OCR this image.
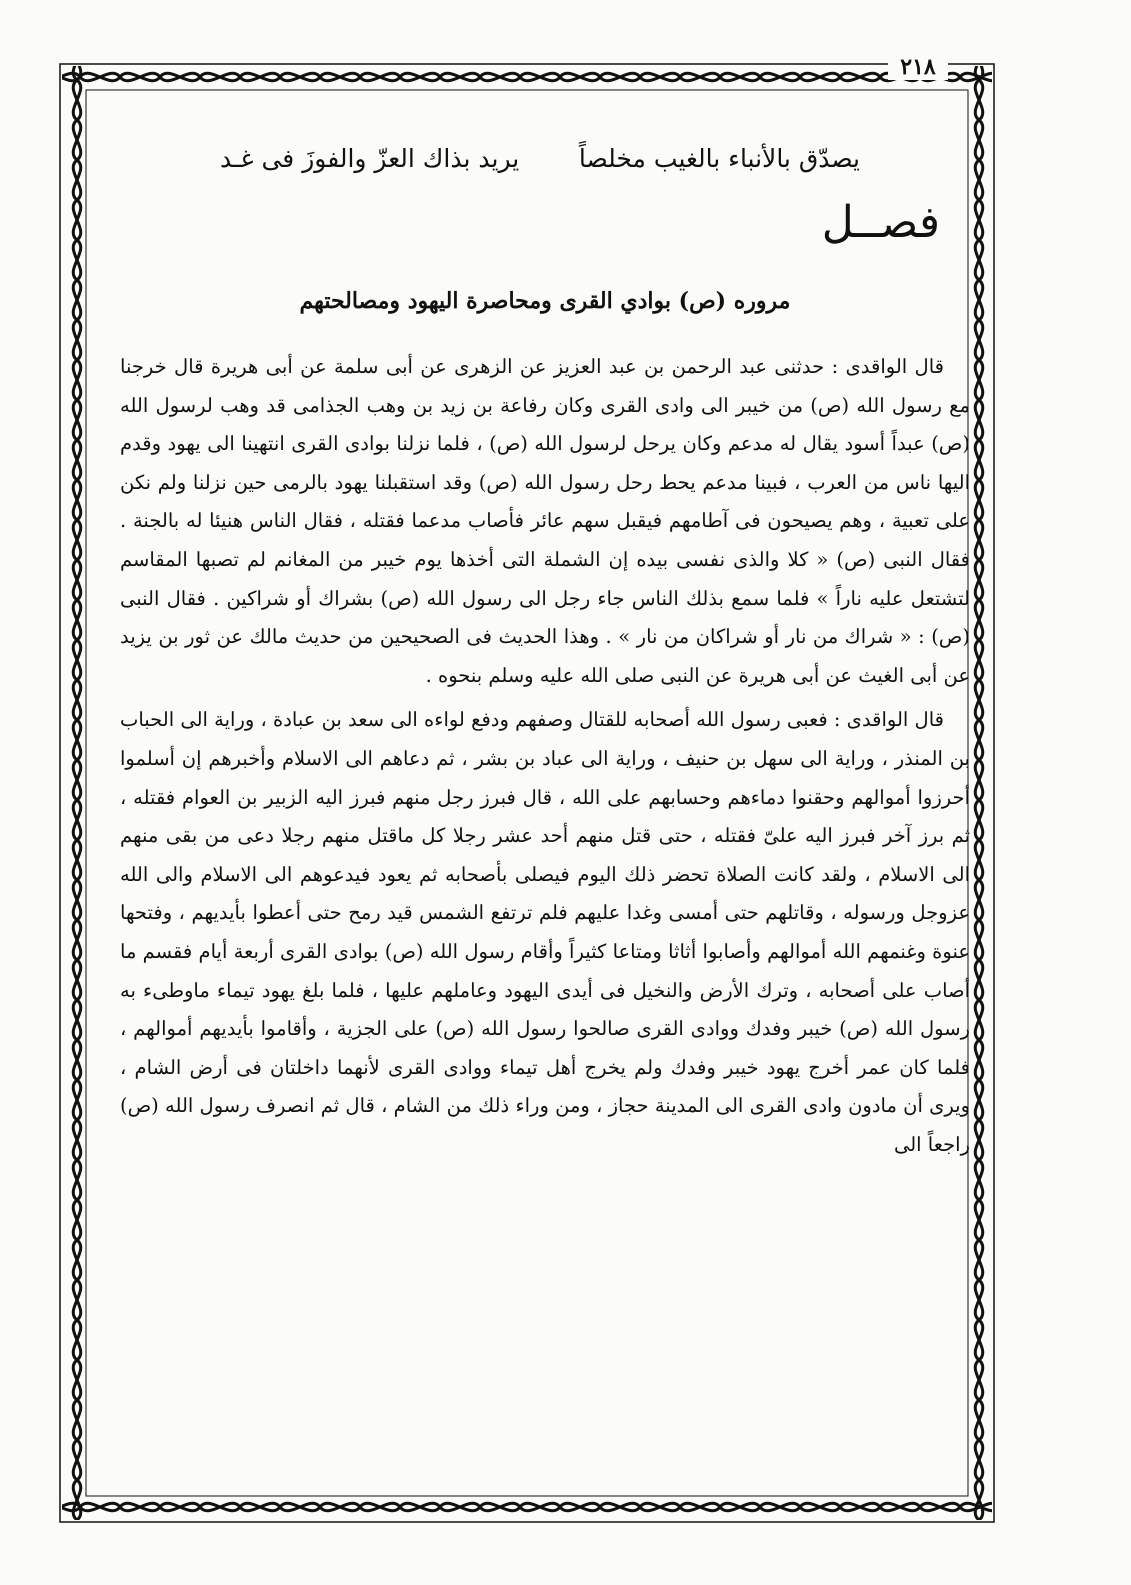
٢١٨
يصدّق بالأنباء بالغيب مخلصاً
يريد بذاك العزّ والفوزَ فى غـد
فصــل
مروره (ص) بوادي القرى ومحاصرة اليهود ومصالحتهم

قال الواقدى : حدثنى عبد الرحمن بن عبد العزيز عن الزهرى عن أبى سلمة عن أبى هريرة قال خرجنا مع رسول الله (ص) من خيبر الى وادى القرى وكان رفاعة بن زيد بن وهب الجذامى قد وهب لرسول الله (ص) عبداً أسود يقال له مدعم وكان يرحل لرسول الله (ص) ، فلما نزلنا بوادى القرى انتهينا الى يهود وقدم اليها ناس من العرب ، فبينا مدعم يحط رحل رسول الله (ص) وقد استقبلنا يهود بالرمى حين نزلنا ولم نكن على تعبية ، وهم يصيحون فى آطامهم فيقبل سهم عائر فأصاب مدعما فقتله ، فقال الناس هنيئا له بالجنة . فقال النبى (ص) « كلا والذى نفسى بيده إن الشملة التى أخذها يوم خيبر من المغانم لم تصبها المقاسم لتشتعل عليه ناراً » فلما سمع بذلك الناس جاء رجل الى رسول الله (ص) بشراك أو شراكين . فقال النبى (ص) : « شراك من نار أو شراكان من نار » . وهذا الحديث فى الصحيحين من حديث مالك عن ثور بن يزيد عن أبى الغيث عن أبى هريرة عن النبى صلى الله عليه وسلم بنحوه .

قال الواقدى : فعبى رسول الله أصحابه للقتال وصفهم ودفع لواءه الى سعد بن عبادة ، وراية الى الحباب بن المنذر ، وراية الى سهل بن حنيف ، وراية الى عباد بن بشر ، ثم دعاهم الى الاسلام وأخبرهم إن أسلموا أحرزوا أموالهم وحقنوا دماءهم وحسابهم على الله ، قال فبرز رجل منهم فبرز اليه الزبير بن العوام فقتله ، ثم برز آخر فبرز اليه علىّ فقتله ، حتى قتل منهم أحد عشر رجلا كل ماقتل منهم رجلا دعى من بقى منهم الى الاسلام ، ولقد كانت الصلاة تحضر ذلك اليوم فيصلى بأصحابه ثم يعود فيدعوهم الى الاسلام والى الله عزوجل ورسوله ، وقاتلهم حتى أمسى وغدا عليهم فلم ترتفع الشمس قيد رمح حتى أعطوا بأيديهم ، وفتحها عنوة وغنمهم الله أموالهم وأصابوا أثاثا ومتاعا كثيراً وأقام رسول الله (ص) بوادى القرى أربعة أيام فقسم ما أصاب على أصحابه ، وترك الأرض والنخيل فى أيدى اليهود وعاملهم عليها ، فلما بلغ يهود تيماء ماوطىء به رسول الله (ص) خيبر وفدك ووادى القرى صالحوا رسول الله (ص) على الجزية ، وأقاموا بأيديهم أموالهم ، فلما كان عمر أخرج يهود خيبر وفدك ولم يخرج أهل تيماء ووادى القرى لأنهما داخلتان فى أرض الشام ، ويرى أن مادون وادى القرى الى المدينة حجاز ، ومن وراء ذلك من الشام ، قال ثم انصرف رسول الله (ص) راجعاً الى
